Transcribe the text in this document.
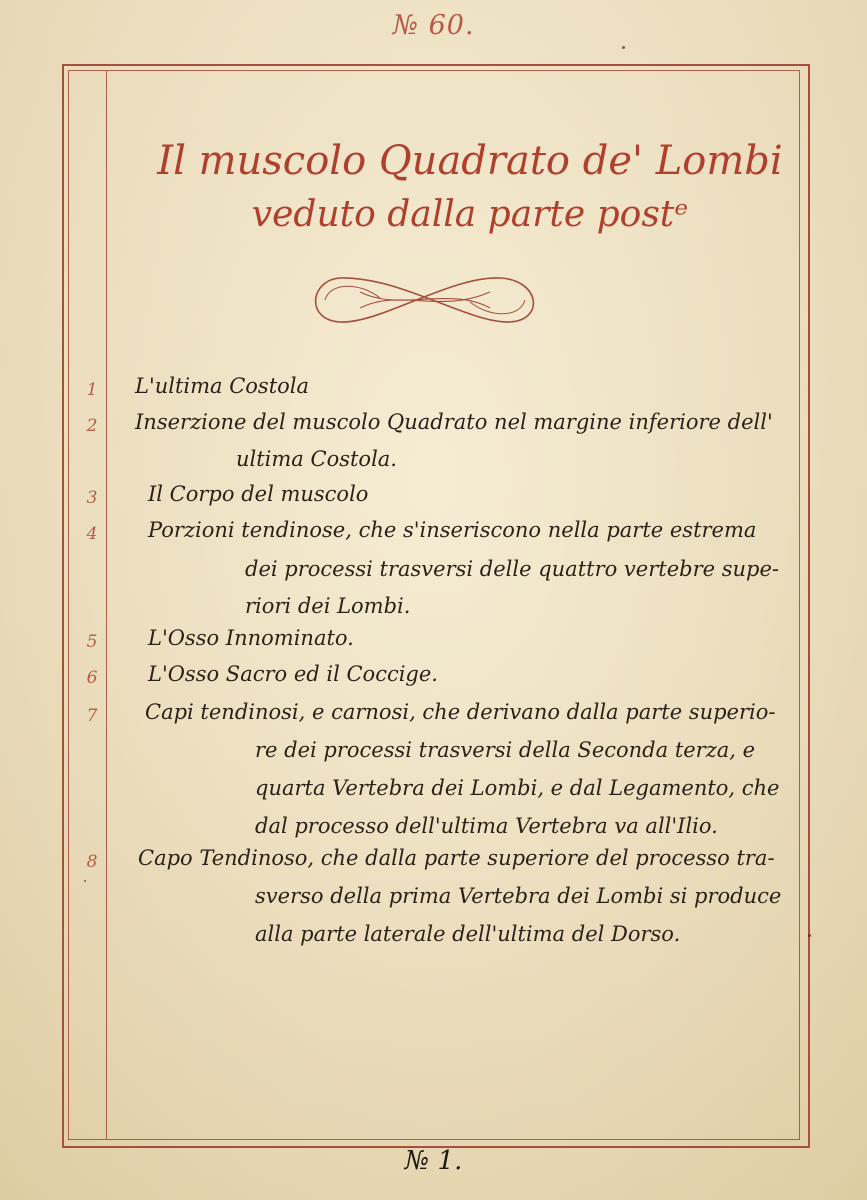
№ 60.
Il muscolo Quadrato de' Lombi
veduto dalla parte postᵉ
1	L'ultima Costola
2	Inserzione del muscolo Quadrato nel margine inferiore dell'
ultima Costola.
3	Il Corpo del muscolo
4	Porzioni tendinose, che s'inseriscono nella parte estrema
dei processi trasversi delle quattro vertebre supe-
riori dei Lombi.
5	L'Osso Innominato.
6	L'Osso Sacro ed il Coccige.
7	Capi tendinosi, e carnosi, che derivano dalla parte superio-
re dei processi trasversi della Seconda terza, e
quarta Vertebra dei Lombi, e dal Legamento, che
dal processo dell'ultima Vertebra va all'Ilio.
8	Capo Tendinoso, che dalla parte superiore del processo tra-
sverso della prima Vertebra dei Lombi si produce
alla parte laterale dell'ultima del Dorso.
№ 1.
